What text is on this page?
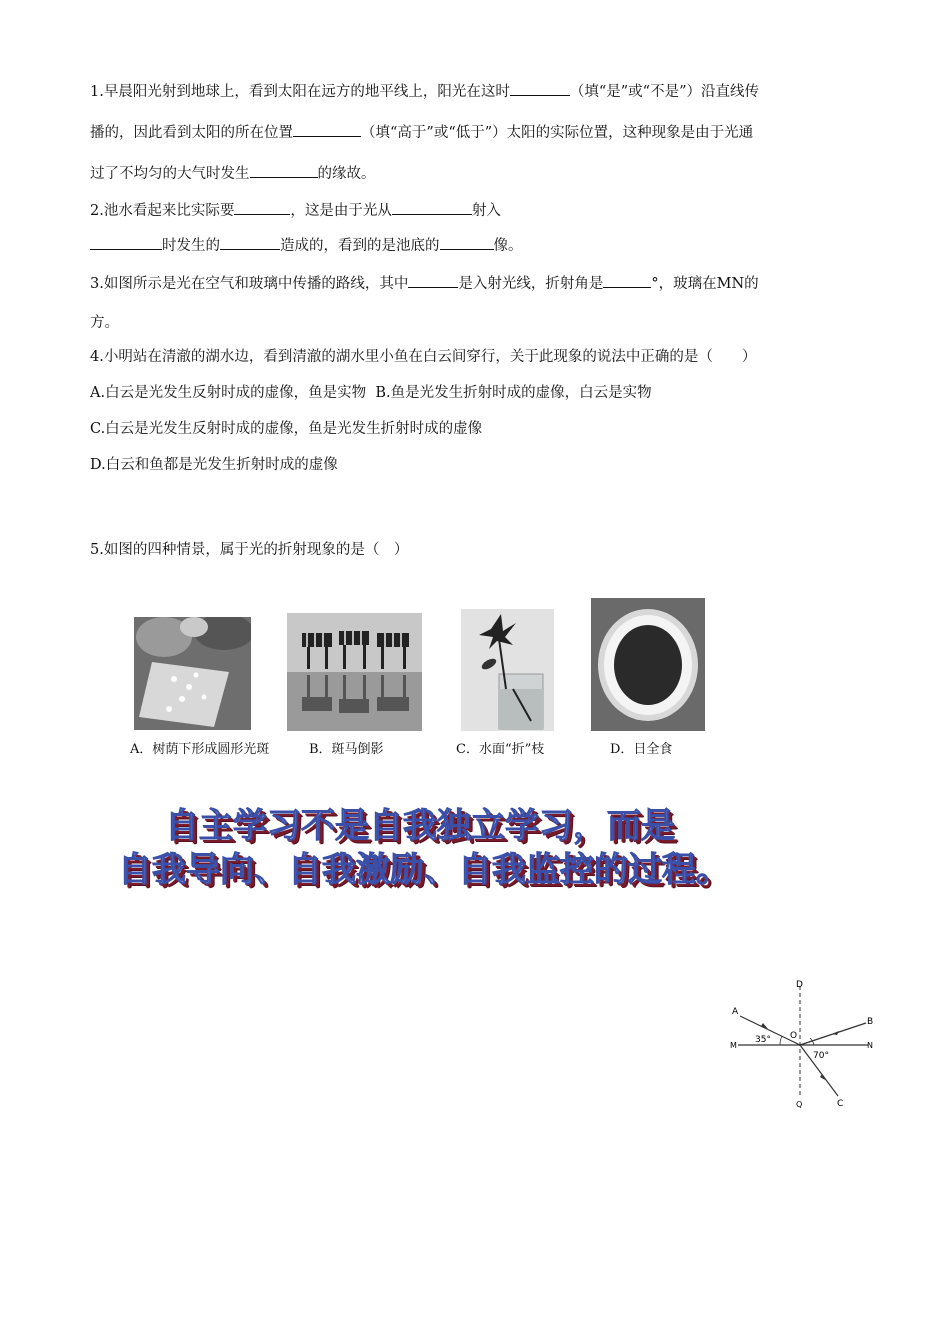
1.早晨阳光射到地球上，看到太阳在远方的地平线上，阳光在这时	（填“是”或“不是”）沿直线传
播的，因此看到太阳的所在位置	（填“高于”或“低于”）太阳的实际位置，这种现象是由于光通
过了不均匀的大气时发生	的缘故。
2.池水看起来比实际要	，这是由于光从	射入
时发生的	造成的，看到的是池底的	像。
3.如图所示是光在空气和玻璃中传播的路线，其中	是入射光线，折射角是	°，玻璃在MN的
方。
4.小明站在清澈的湖水边，看到清澈的湖水里小鱼在白云间穿行，关于此现象的说法中正确的是（　　）
A.白云是光发生反射时成的虚像，鱼是实物 B.鱼是光发生折射时成的虚像，白云是实物
C.白云是光发生反射时成的虚像，鱼是光发生折射时成的虚像
D.白云和鱼都是光发生折射时成的虚像
5.如图的四种情景，属于光的折射现象的是（　）
A．树荫下形成圆形光斑	B．斑马倒影	C．水面“折”枝	D．日全食
自主学习不是自我独立学习，而是
自我导向、自我激励、自我监控的过程。
A
B
C
D
O
M	N
Q
35°
70°
